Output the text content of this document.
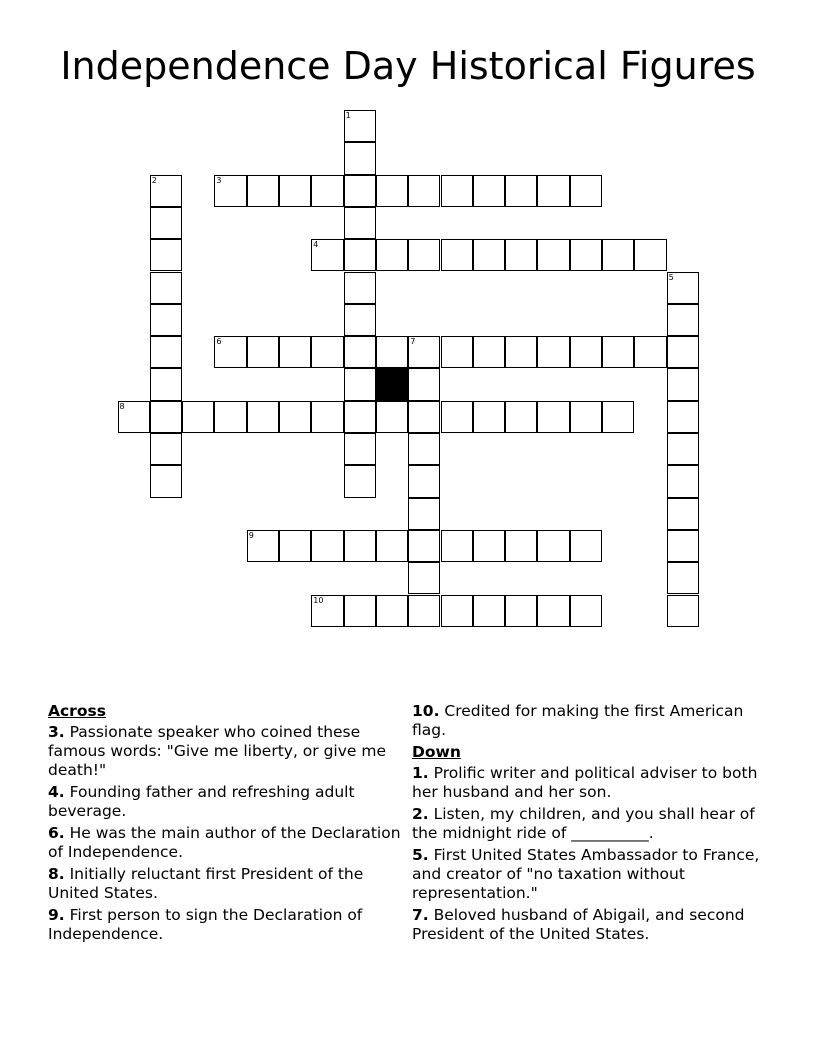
Independence Day Historical Figures
1
2	3
4
5
6	7
8
9
10
Across
3. Passionate speaker who coined these famous words: "Give me liberty, or give me death!"
4. Founding father and refreshing adult beverage.
6. He was the main author of the Declaration of Independence.
8. Initially reluctant first President of the United States.
9. First person to sign the Declaration of Independence.
10. Credited for making the first American flag.
Down
1. Prolific writer and political adviser to both her husband and her son.
2. Listen, my children, and you shall hear of the midnight ride of __________.
5. First United States Ambassador to France, and creator of "no taxation without representation."
7. Beloved husband of Abigail, and second President of the United States.
